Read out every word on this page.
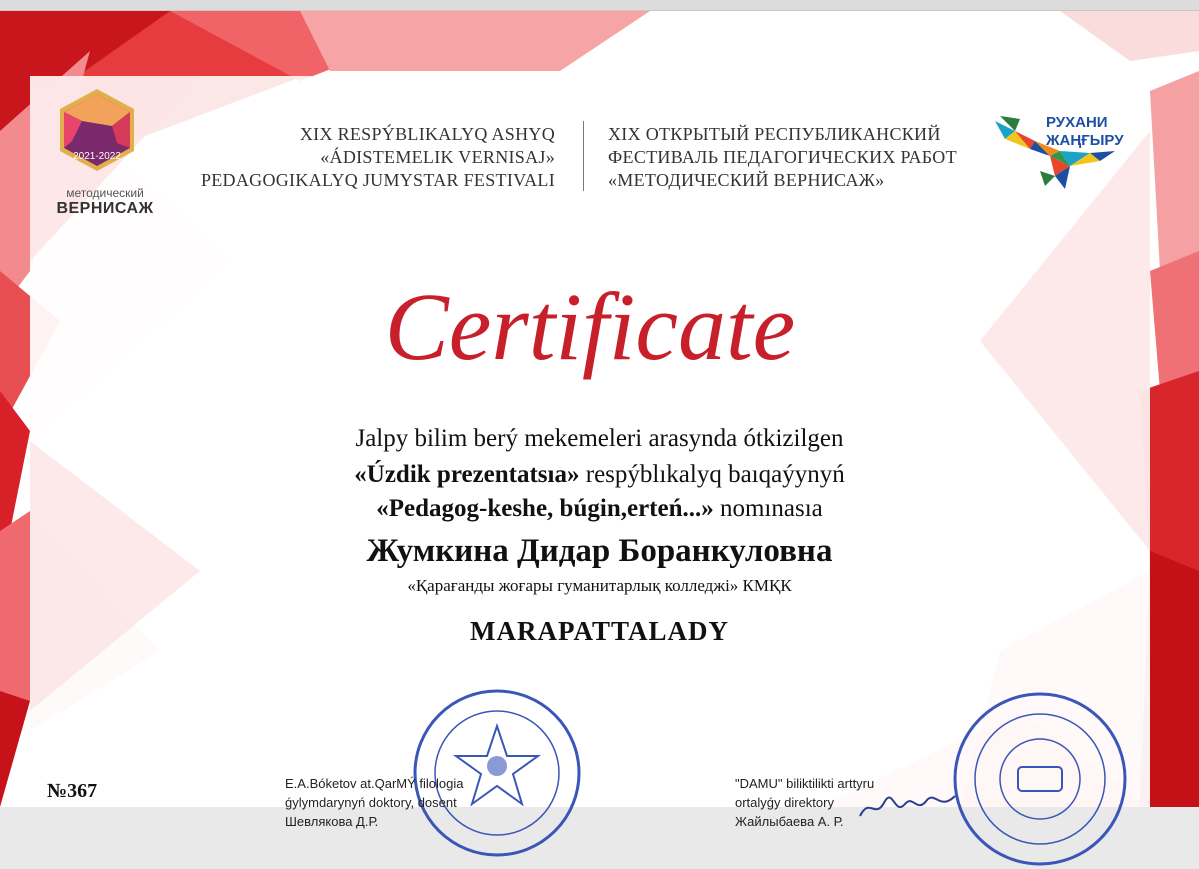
2021-2022
методический
ВЕРНИСАЖ
XIX RESPÝBLIKALYQ ASHYQ
«ÁDISTEMELIK VERNISAJ»
PEDAGOGIKALYQ JUMYSTAR FESTIVALI
XIX ОТКРЫТЫЙ РЕСПУБЛИКАНСКИЙ
ФЕСТИВАЛЬ ПЕДАГОГИЧЕСКИХ РАБОТ
«МЕТОДИЧЕСКИЙ ВЕРНИСАЖ»
РУХАНИ
ЖАҢҒЫРУ
Certificate
Jalpy bilim berý mekemeleri arasynda ótkizilgen
«Úzdik prezentatsıa» respýblıkalyq baıqaýynyń
«Pedagog-keshe, búgin,erteń...» nomınasıa
Жумкина Дидар Боранкуловна
«Қарағанды жоғары гуманитарлық колледжі» КМҚК
MARAPATTALADY
№367	E.A.Bóketov at.QarMÝ filologia
ǵylymdarynyń doktory, dosent
Шевлякова Д.Р.
"DAMU" biliktilikti arttyru
ortalyǵy direktory
Жайлыбаева А. Р.
